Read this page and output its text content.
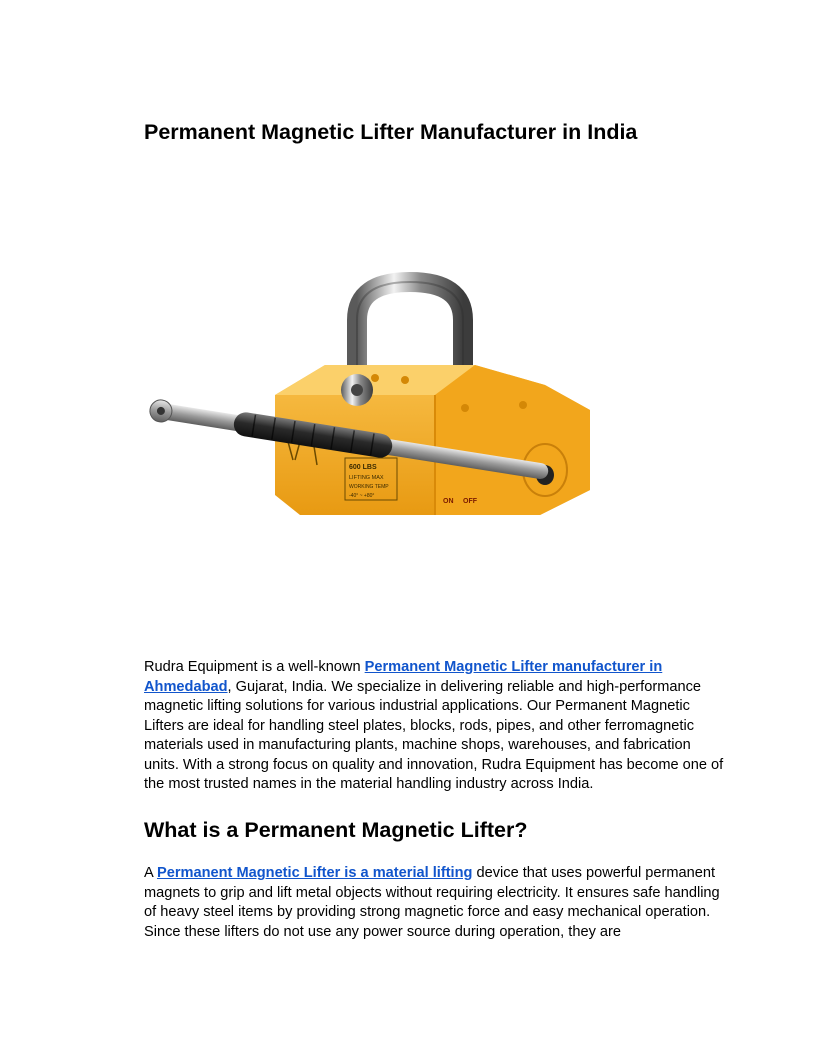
Permanent Magnetic Lifter Manufacturer in India
600 LBS
LIFTING MAX
WORKING TEMP
-40° ~ +80°
ON OFF

Rudra Equipment is a well-known Permanent Magnetic Lifter manufacturer in Ahmedabad, Gujarat, India. We specialize in delivering reliable and high-performance magnetic lifting solutions for various industrial applications. Our Permanent Magnetic Lifters are ideal for handling steel plates, blocks, rods, pipes, and other ferromagnetic materials used in manufacturing plants, machine shops, warehouses, and fabrication units. With a strong focus on quality and innovation, Rudra Equipment has become one of the most trusted names in the material handling industry across India.

What is a Permanent Magnetic Lifter?

A Permanent Magnetic Lifter is a material lifting device that uses powerful permanent magnets to grip and lift metal objects without requiring electricity. It ensures safe handling of heavy steel items by providing strong magnetic force and easy mechanical operation. Since these lifters do not use any power source during operation, they are
